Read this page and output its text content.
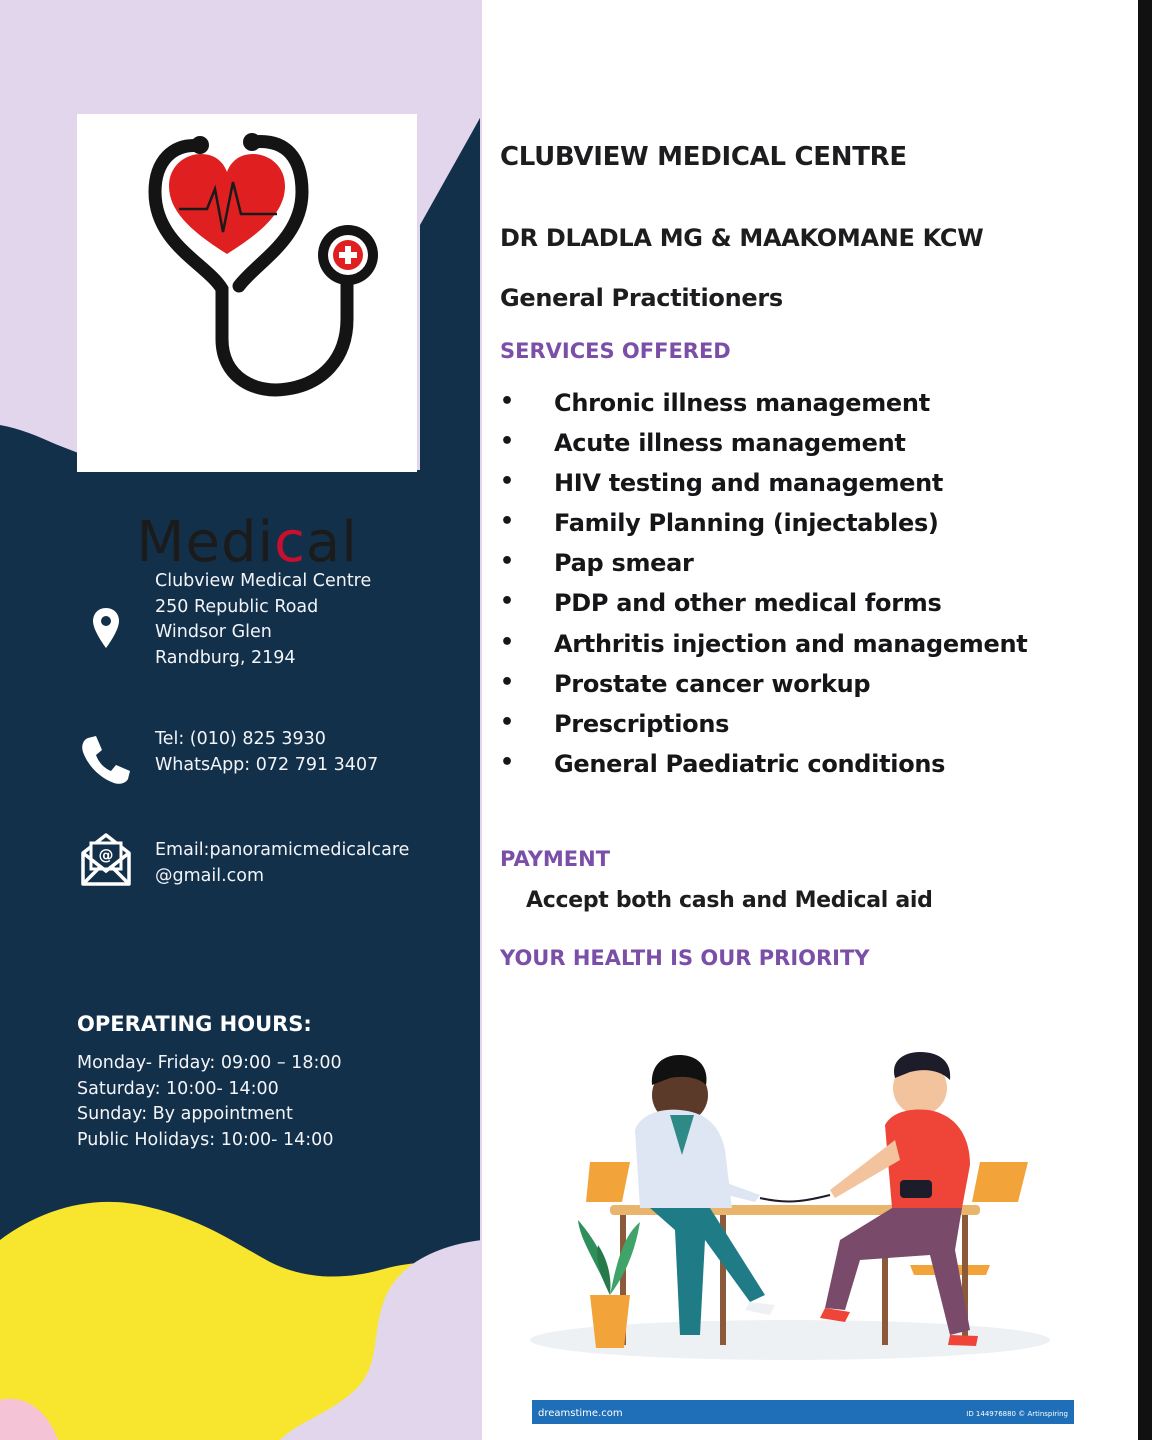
Medical
Clubview Medical Centre
250 Republic Road
Windsor Glen
Randburg, 2194
Tel: (010) 825 3930
WhatsApp: 072 791 3407
@ Email:panoramicmedicalcare
@gmail.com
OPERATING HOURS:
Monday- Friday: 09:00 – 18:00
Saturday: 10:00- 14:00
Sunday: By appointment
Public Holidays: 10:00- 14:00
CLUBVIEW MEDICAL CENTRE
DR DLADLA MG & MAAKOMANE KCW
General Practitioners
SERVICES OFFERED
• Chronic illness management
• Acute illness management
• HIV testing and management
• Family Planning (injectables)
• Pap smear
• PDP and other medical forms
• Arthritis injection and management
• Prostate cancer workup
• Prescriptions
• General Paediatric conditions
PAYMENT
Accept both cash and Medical aid
YOUR HEALTH IS OUR PRIORITY
dreamstime.com	ID 144976880 © Artinspiring
